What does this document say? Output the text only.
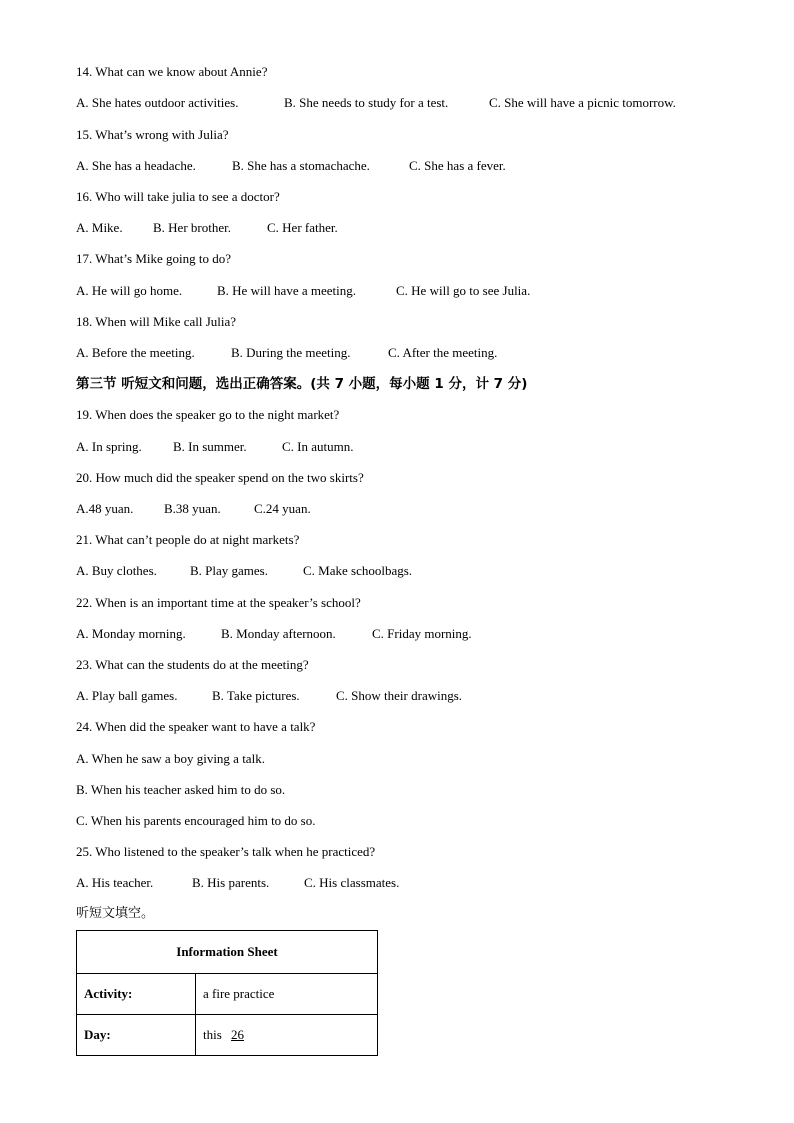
14. What can we know about Annie?
A. She hates outdoor activities.	B. She needs to study for a test.	C. She will have a picnic tomorrow.
15. What’s wrong with Julia?
A. She has a headache.	B. She has a stomachache.	C. She has a fever.
16. Who will take julia to see a doctor?
A. Mike.	B. Her brother.	C. Her father.
17. What’s Mike going to do?
A. He will go home.	B. He will have a meeting.	C. He will go to see Julia.
18. When will Mike call Julia?
A. Before the meeting.	B. During the meeting.	C. After the meeting.
第三节 听短文和问题，选出正确答案。(共 7 小题，每小题 1 分，计 7 分)
19. When does the speaker go to the night market?
A. In spring.	B. In summer.	C. In autumn.
20. How much did the speaker spend on the two skirts?
A.48 yuan.	B.38 yuan.	C.24 yuan.
21. What can’t people do at night markets?
A. Buy clothes.	B. Play games.	C. Make schoolbags.
22. When is an important time at the speaker’s school?
A. Monday morning.	B. Monday afternoon.	C. Friday morning.
23. What can the students do at the meeting?
A. Play ball games.	B. Take pictures.	C. Show their drawings.
24. When did the speaker want to have a talk?
A. When he saw a boy giving a talk.
B. When his teacher asked him to do so.
C. When his parents encouraged him to do so.
25. Who listened to the speaker’s talk when he practiced?
A. His teacher.	B. His parents.	C. His classmates.
听短文填空。
Information Sheet	
Activity:	a fire practice
Day:	this 26
